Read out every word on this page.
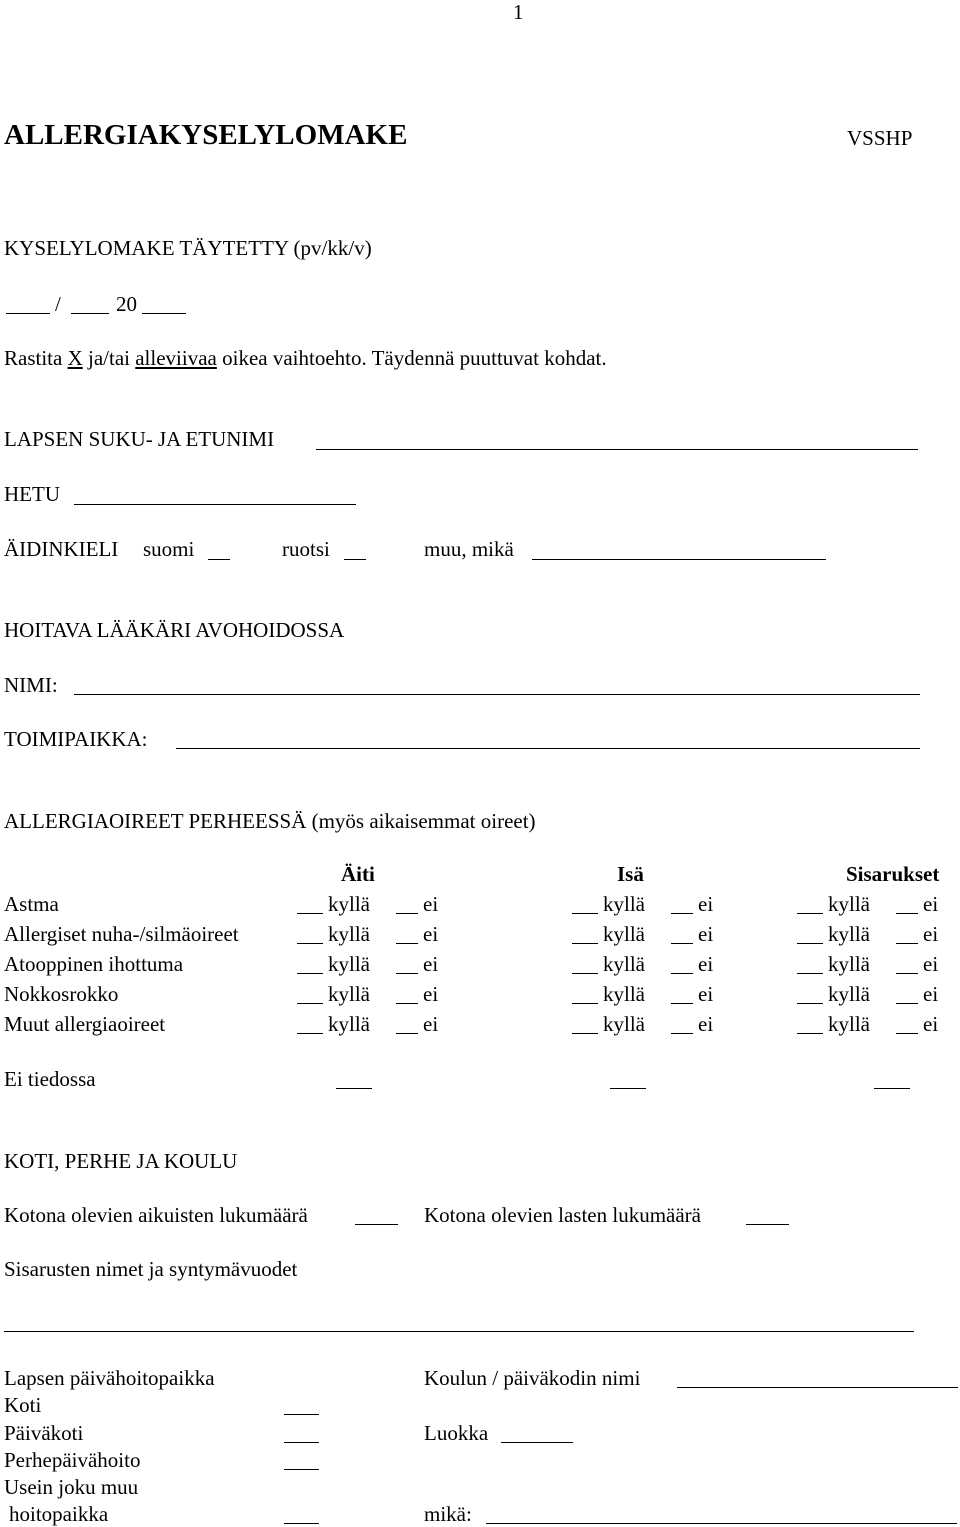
1
ALLERGIAKYSELYLOMAKE	VSSHP
KYSELYLOMAKE TÄYTETTY (pv/kk/v)
/	20
Rastita X ja/tai alleviivaa oikea vaihtoehto. Täydennä puuttuvat kohdat.
LAPSEN SUKU- JA ETUNIMI
HETU
ÄIDINKIELI suomi	ruotsi	muu, mikä
HOITAVA LÄÄKÄRI AVOHOIDOSSA
NIMI:
TOIMIPAIKKA:
ALLERGIAOIREET PERHEESSÄ (myös aikaisemmat oireet)
Äiti	Isä	Sisarukset
Astma	kyllä	ei	kyllä	ei	kyllä	ei
Allergiset nuha-/silmäoireet	kyllä	ei	kyllä	ei	kyllä	ei
Atooppinen ihottuma	kyllä	ei	kyllä	ei	kyllä	ei
Nokkosrokko	kyllä	ei	kyllä	ei	kyllä	ei
Muut allergiaoireet	kyllä	ei	kyllä	ei	kyllä	ei
Ei tiedossa
KOTI, PERHE JA KOULU
Kotona olevien aikuisten lukumäärä	Kotona olevien lasten lukumäärä
Sisarusten nimet ja syntymävuodet
Lapsen päivähoitopaikka	Koulun / päiväkodin nimi
Koti
Päiväkoti	Luokka
Perhepäivähoito
Usein joku muu
hoitopaikka	mikä:
